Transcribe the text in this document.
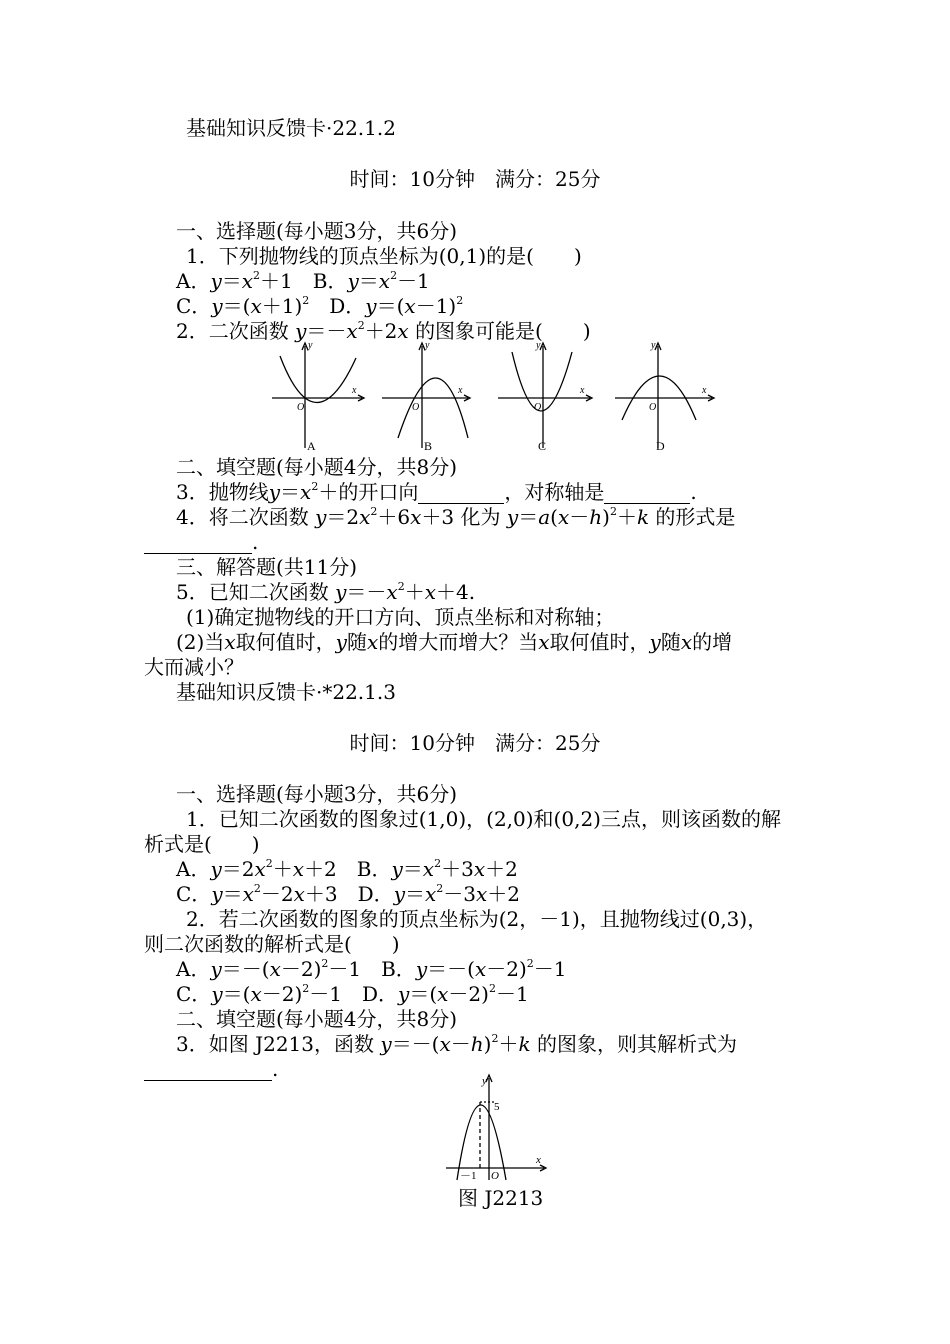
基础知识反馈卡·22.1.2
时间：10分钟　满分：25分
一、选择题(每小题3分，共6分)
1．下列抛物线的顶点坐标为(0,1)的是(　　)
A．$y=x^2+1$　B．$y=x^2-1$
C．$y=(x+1)^2$　D．$y=(x-1)^2$
2．二次函数 $y=-x^2+2x$ 的图象可能是(　　)
y
x
O
y
x
O
y
x
O
y
x
O
A	B	C	D
二、填空题(每小题4分，共8分)
3．抛物线$y=x^2+$的开口向	，对称轴是	.
4．将二次函数 $y=2x^2+6x+3$ 化为 $y=a(x-h)^2+k$ 的形式是
.
三、解答题(共11分)
5．已知二次函数 $y=-x^2+x+4$.
(1)确定抛物线的开口方向、顶点坐标和对称轴；
(2)当x取何值时，y随x的增大而增大？当x取何值时，y随x的增
大而减小？
基础知识反馈卡·*22.1.3
时间：10分钟　满分：25分
一、选择题(每小题3分，共6分)
1．已知二次函数的图象过(1,0)，(2,0)和(0,2)三点，则该函数的解
析式是(　　)
A．$y=2x^2+x+2$　B．$y=x^2+3x+2$
C．$y=x^2-2x+3$　D．$y=x^2-3x+2$
2．若二次函数的图象的顶点坐标为(2，－1)，且抛物线过(0,3)，
则二次函数的解析式是(　　)
A．$y=-(x-2)^2-1$　B．$y=-(x-2)^2-1$
C．$y=(x-2)^2-1$　D．$y=(x-2)^2-1$
二、填空题(每小题4分，共8分)
3．如图 J2213，函数 $y=-(x-h)^2+k$ 的图象，则其解析式为
.
5
－1 O
x
y
图 J2213
